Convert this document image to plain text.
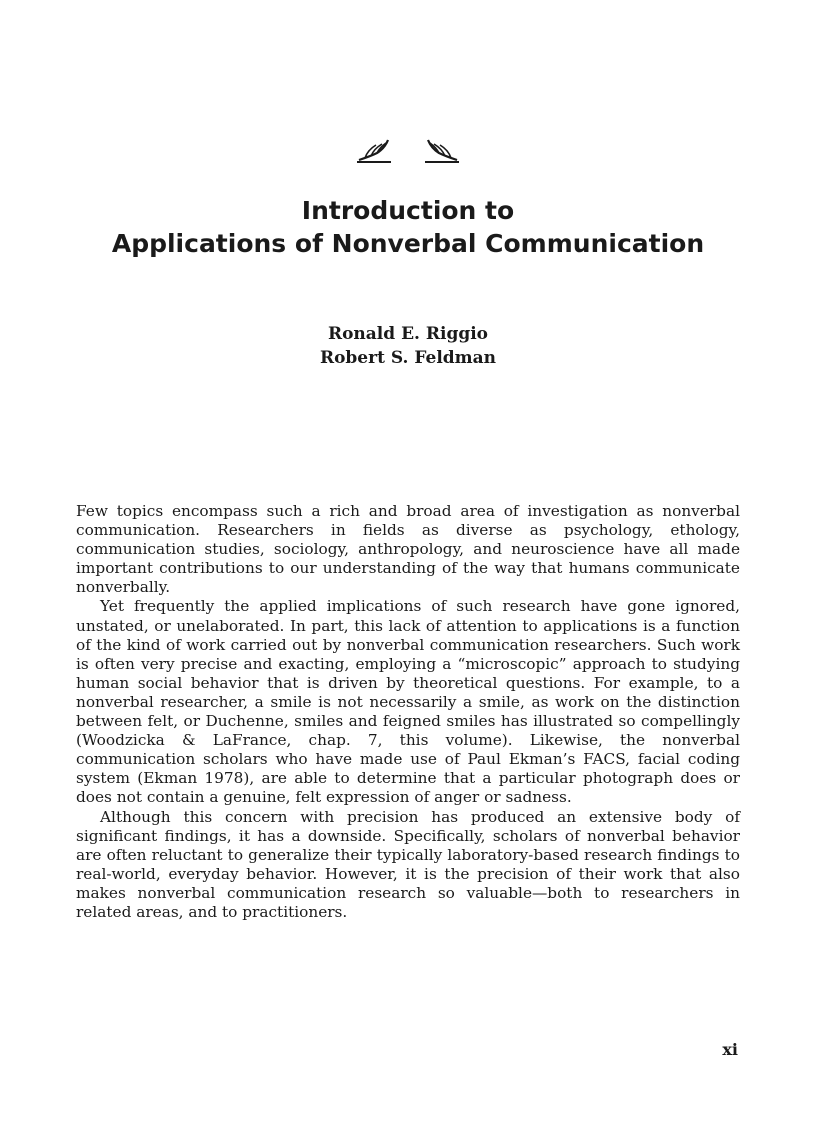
Introduction to
Applications of Nonverbal Communication
Ronald E. Riggio
Robert S. Feldman

Few topics encompass such a rich and broad area of investigation as nonverbal communication. Researchers in fields as diverse as psychology, ethology, communication studies, sociology, anthropology, and neuroscience have all made important contributions to our understanding of the way that humans communicate nonverbally.

Yet frequently the applied implications of such research have gone ignored, unstated, or unelaborated. In part, this lack of attention to applications is a function of the kind of work carried out by nonverbal communication researchers. Such work is often very precise and exacting, employing a “microscopic” approach to studying human social behavior that is driven by theoretical questions. For example, to a nonverbal researcher, a smile is not necessarily a smile, as work on the distinction between felt, or Duchenne, smiles and feigned smiles has illustrated so compellingly (Woodzicka & LaFrance, chap. 7, this volume). Likewise, the nonverbal communication scholars who have made use of Paul Ekman’s FACS, facial coding system (Ekman 1978), are able to determine that a particular photograph does or does not contain a genuine, felt expression of anger or sadness.

Although this concern with precision has produced an extensive body of significant findings, it has a downside. Specifically, scholars of nonverbal behavior are often reluctant to generalize their typically laboratory-based research findings to real-world, everyday behavior. However, it is the precision of their work that also makes nonverbal communication research so valuable—both to researchers in related areas, and to practitioners.

xi
